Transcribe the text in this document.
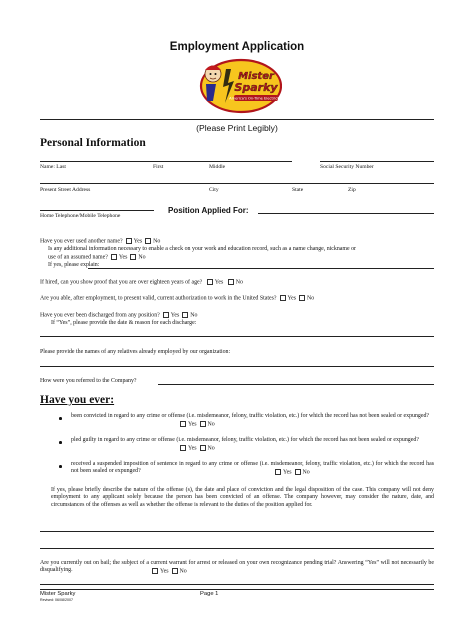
Employment Application
Mister
Sparky
America's On-Time Electrician
(Please Print Legibly)
Personal Information
Name: Last	First	Middle	Social Security Number
Present Street Address	City	State	Zip
Home Telephone/Mobile Telephone
Position Applied For:
Have you ever used another name? Yes No
Is any additional information necessary to enable a check on your work and education record, such as a name change, nickname or
use of an assumed name? Yes No
If yes, please explain:
If hired, can you show proof that you are over eighteen years of age? Yes No
Are you able, after employment, to present valid, current authorization to work in the United States? Yes No
Have you ever been discharged from any position? Yes No
If “Yes”, please provide the date & reason for each discharge:
Please provide the names of any relatives already employed by our organization:
How were you referred to the Company?
Have you ever:
been convicted in regard to any crime or offense (i.e. misdemeanor, felony, traffic violation, etc.) for which the record has not been sealed or expunged?
Yes No
pled guilty in regard to any crime or offense (i.e. misdemeanor, felony, traffic violation, etc.) for which the record has not been sealed or expunged?
Yes No
received a suspended imposition of sentence in regard to any crime or offense (i.e. misdemeanor, felony, traffic violation, etc.) for which the record has not been sealed or expunged?	Yes No
If yes, please briefly describe the nature of the offense (s), the date and place of conviction and the legal disposition of the case. This company will not deny employment to any applicant solely because the person has been convicted of an offense. The company however, may consider the nature, date, and circumstances of the offenses as well as whether the offense is relevant to the duties of the position applied for.
Are you currently out on bail; the subject of a current warrant for arrest or released on your own recognizance pending trial? Answering “Yes” will not necessarily be disqualifying.	Yes No
Mister Sparky
Revised: 06/08/2007
Page 1
